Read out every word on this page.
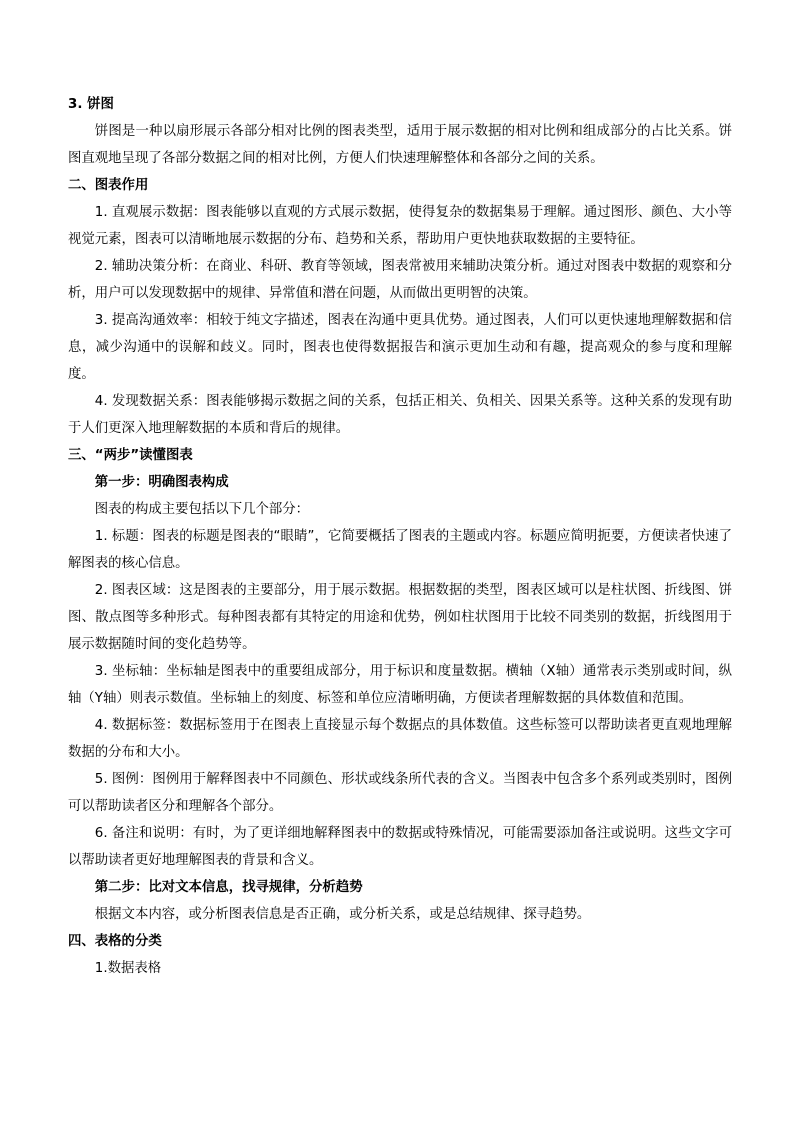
3. 饼图

饼图是一种以扇形展示各部分相对比例的图表类型，适用于展示数据的相对比例和组成部分的占比关系。饼图直观地呈现了各部分数据之间的相对比例，方便人们快速理解整体和各部分之间的关系。

二、图表作用

1. 直观展示数据：图表能够以直观的方式展示数据，使得复杂的数据集易于理解。通过图形、颜色、大小等视觉元素，图表可以清晰地展示数据的分布、趋势和关系，帮助用户更快地获取数据的主要特征。

2. 辅助决策分析：在商业、科研、教育等领域，图表常被用来辅助决策分析。通过对图表中数据的观察和分析，用户可以发现数据中的规律、异常值和潜在问题，从而做出更明智的决策。

3. 提高沟通效率：相较于纯文字描述，图表在沟通中更具优势。通过图表，人们可以更快速地理解数据和信息，减少沟通中的误解和歧义。同时，图表也使得数据报告和演示更加生动和有趣，提高观众的参与度和理解度。

4. 发现数据关系：图表能够揭示数据之间的关系，包括正相关、负相关、因果关系等。这种关系的发现有助于人们更深入地理解数据的本质和背后的规律。

三、“两步”读懂图表

第一步：明确图表构成

图表的构成主要包括以下几个部分：

1. 标题：图表的标题是图表的“眼睛”，它简要概括了图表的主题或内容。标题应简明扼要，方便读者快速了解图表的核心信息。

2. 图表区域：这是图表的主要部分，用于展示数据。根据数据的类型，图表区域可以是柱状图、折线图、饼图、散点图等多种形式。每种图表都有其特定的用途和优势，例如柱状图用于比较不同类别的数据，折线图用于展示数据随时间的变化趋势等。

3. 坐标轴：坐标轴是图表中的重要组成部分，用于标识和度量数据。横轴（X轴）通常表示类别或时间，纵轴（Y轴）则表示数值。坐标轴上的刻度、标签和单位应清晰明确，方便读者理解数据的具体数值和范围。

4. 数据标签：数据标签用于在图表上直接显示每个数据点的具体数值。这些标签可以帮助读者更直观地理解数据的分布和大小。

5. 图例：图例用于解释图表中不同颜色、形状或线条所代表的含义。当图表中包含多个系列或类别时，图例可以帮助读者区分和理解各个部分。

6. 备注和说明：有时，为了更详细地解释图表中的数据或特殊情况，可能需要添加备注或说明。这些文字可以帮助读者更好地理解图表的背景和含义。

第二步：比对文本信息，找寻规律，分析趋势

根据文本内容，或分析图表信息是否正确，或分析关系，或是总结规律、探寻趋势。

四、表格的分类

1.数据表格
